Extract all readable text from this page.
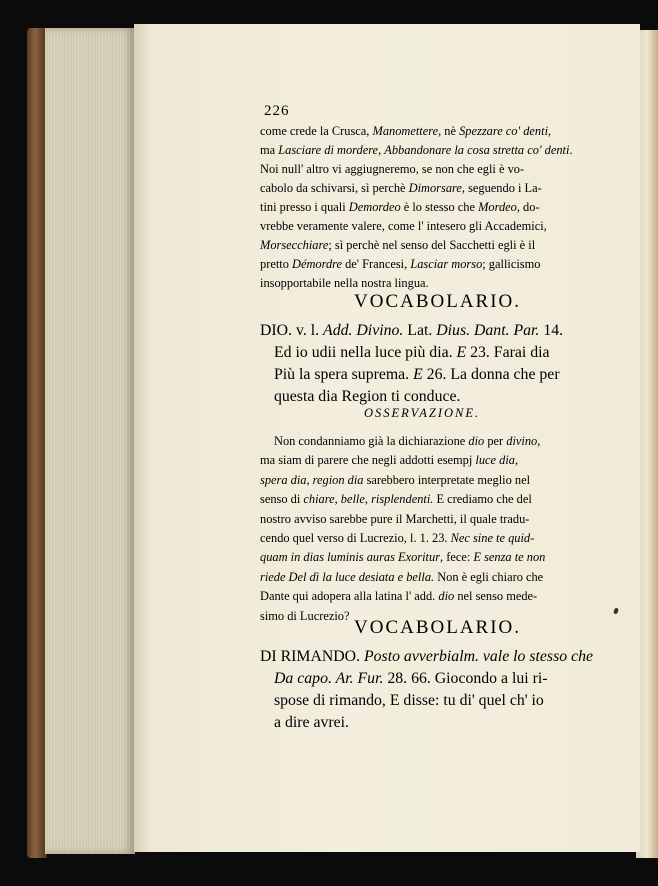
226
come crede la Crusca, Manomettere, nè Spezzare co' denti,
ma Lasciare di mordere, Abbandonare la cosa stretta co' denti.
Noi null' altro vi aggiugneremo, se non che egli è vo-
cabolo da schivarsi, sì perchè Dimorsare, seguendo i La-
tini presso i quali Demordeo è lo stesso che Mordeo, do-
vrebbe veramente valere, come l' intesero gli Accademici,
Morsecchiare; sì perchè nel senso del Sacchetti egli è il
pretto Démordre de' Francesi, Lasciar morso; gallicismo
insopportabile nella nostra lingua.
VOCABOLARIO.
DIO. v. l. Add. Divino. Lat. Dius. Dant. Par. 14.
Ed io udii nella luce più dia. E 23. Farai dia
Più la spera suprema. E 26. La donna che per
questa dia Region ti conduce.
OSSERVAZIONE.
Non condanniamo già la dichiarazione dio per divino,
ma siam di parere che negli addotti esempj luce dia,
spera dia, region dia sarebbero interpretate meglio nel
senso di chiare, belle, risplendenti. E crediamo che del
nostro avviso sarebbe pure il Marchetti, il quale tradu-
cendo quel verso di Lucrezio, l. 1. 23. Nec sine te quid-
quam in dias luminis auras Exoritur, fece: E senza te non
riede Del dì la luce desiata e bella. Non è egli chiaro che
Dante qui adopera alla latina l' add. dio nel senso mede-
simo di Lucrezio?
VOCABOLARIO.
DI RIMANDO. Posto avverbialm. vale lo stesso che
Da capo. Ar. Fur. 28. 66. Giocondo a lui ri-
spose di rimando, E disse: tu di' quel ch' io
a dire avrei.
